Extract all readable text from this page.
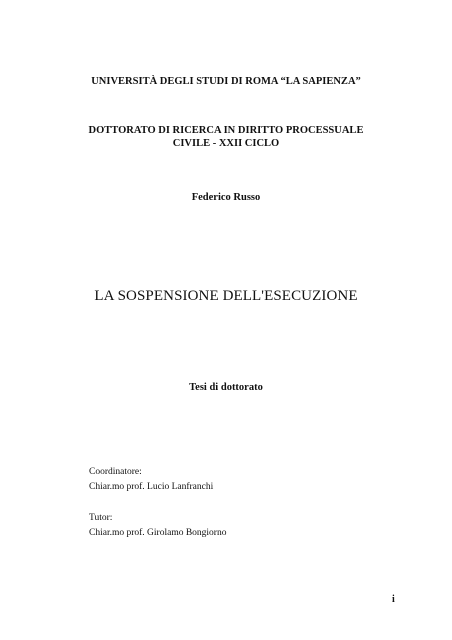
UNIVERSITÀ DEGLI STUDI DI ROMA “LA SAPIENZA”
DOTTORATO DI RICERCA IN DIRITTO PROCESSUALE
CIVILE - XXII CICLO
Federico Russo
LA SOSPENSIONE DELL'ESECUZIONE
Tesi di dottorato
Coordinatore:
Chiar.mo prof. Lucio Lanfranchi
Tutor:
Chiar.mo prof. Girolamo Bongiorno
i
